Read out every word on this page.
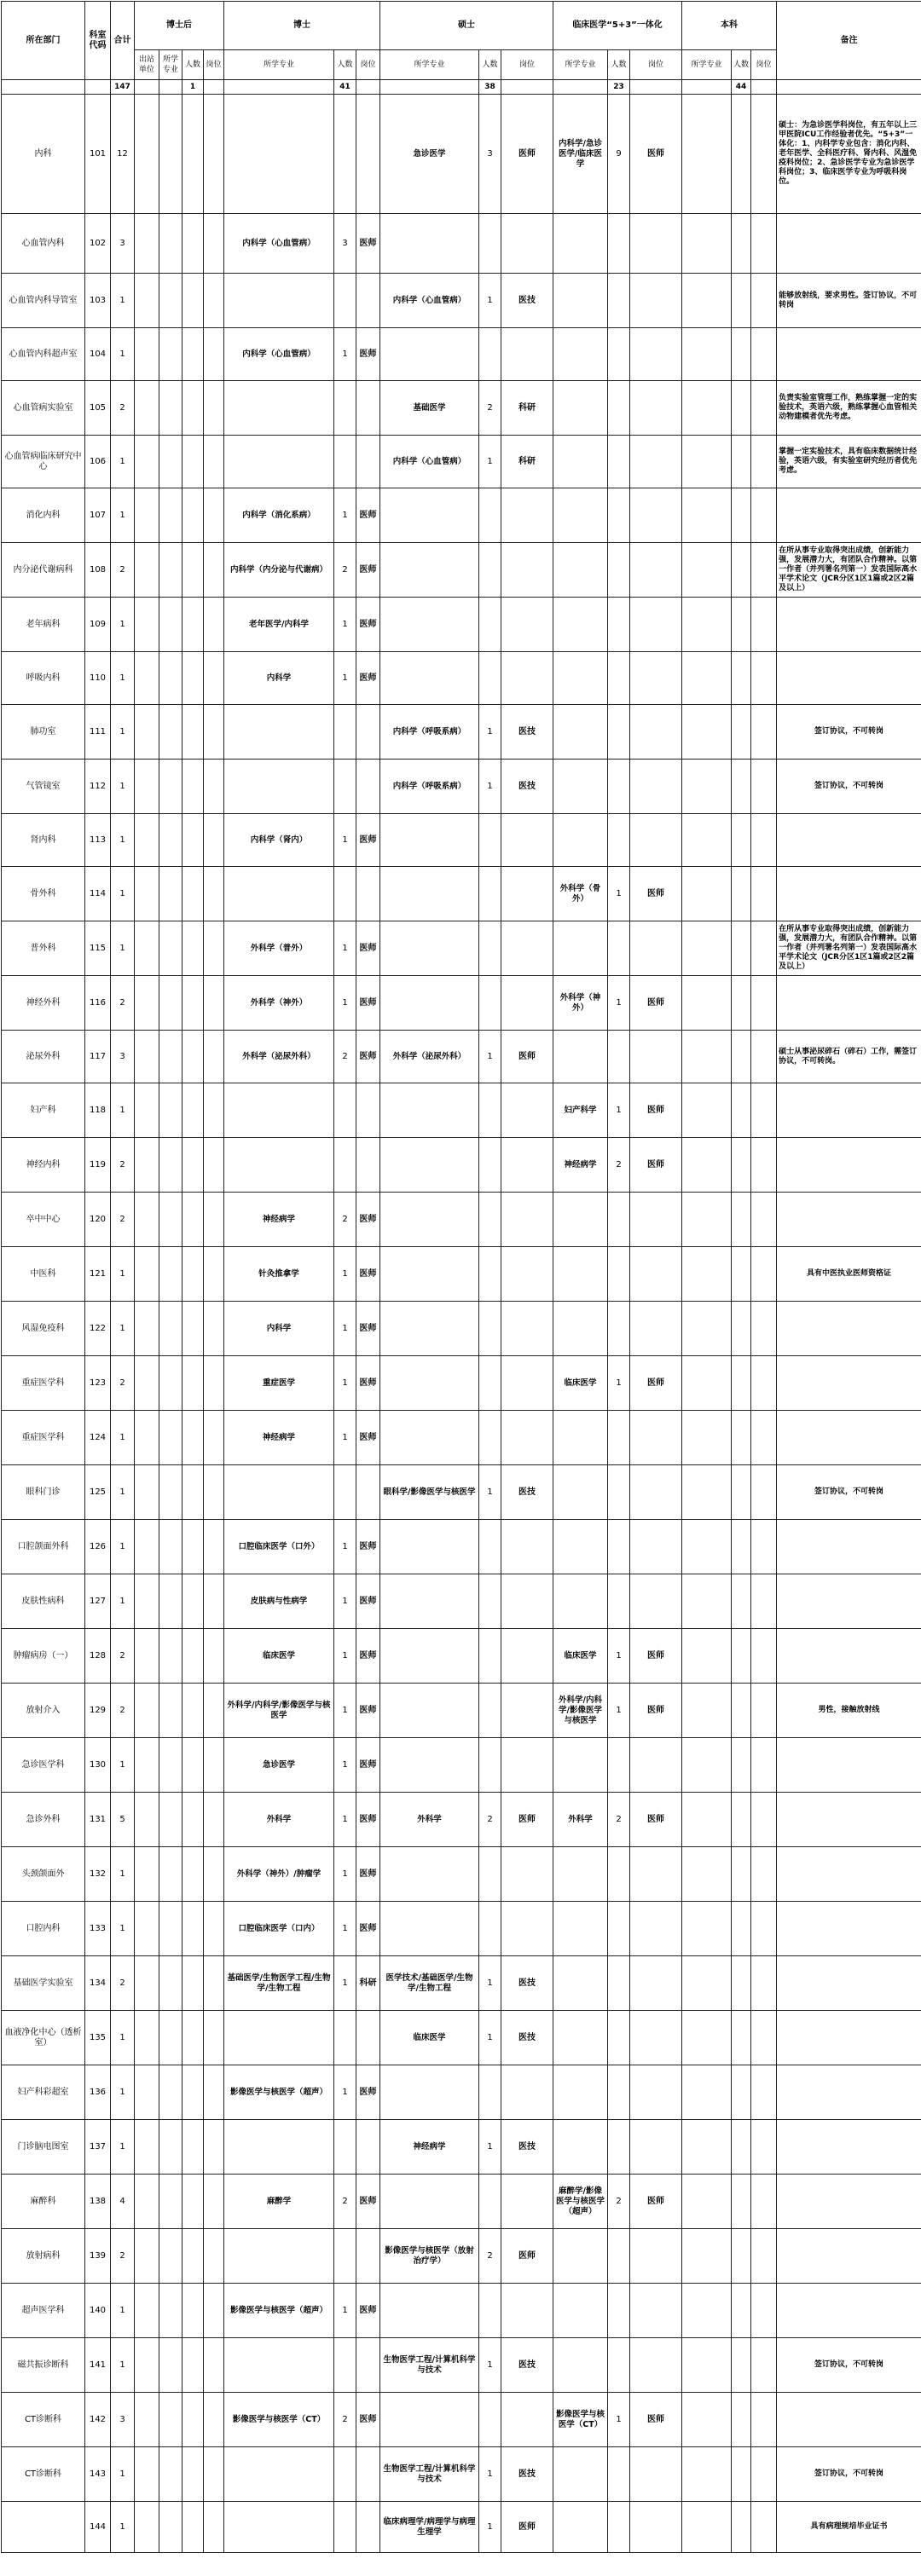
所在部门	科室代码	合计	博士后				博士			硕士			临床医学“5+3”一体化			本科			备注
			出站单位	所学专业	人数	岗位	所学专业	人数	岗位	所学专业	人数	岗位	所学专业	人数	岗位	所学专业	人数	岗位	
		147			1			41			38			23			44		
内科	101	12								急诊医学	3	医师	内科学/急诊医学/临床医学	9	医师				硕士：为急诊医学科岗位，有五年以上三甲医院ICU工作经验者优先。“5+3”一体化：1、内科学专业包含：消化内科、老年医学、全科医疗科、肾内科、风湿免疫科岗位；2、急诊医学专业为急诊医学科岗位；3、临床医学专业为呼吸科岗位。
心血管内科	102	3					内科学（心血管病）	3	医师										
心血管内科导管室	103	1								内科学（心血管病）	1	医技							能够放射线，要求男性。签订协议，不可转岗
心血管内科超声室	104	1					内科学（心血管病）	1	医师										
心血管病实验室	105	2								基础医学	2	科研							负责实验室管理工作，熟练掌握一定的实验技术，英语六级，熟练掌握心血管相关动物建模者优先考虑。
心血管病临床研究中心	106	1								内科学（心血管病）	1	科研							掌握一定实验技术，具有临床数据统计经验，英语六级，有实验室研究经历者优先考虑。
消化内科	107	1					内科学（消化系病）	1	医师										
内分泌代谢病科	108	2					内科学（内分泌与代谢病）	2	医师										在所从事专业取得突出成绩，创新能力强，发展潜力大，有团队合作精神。以第一作者（并列署名列第一）发表国际高水平学术论文（JCR分区1区1篇或2区2篇及以上）
老年病科	109	1					老年医学/内科学	1	医师										
呼吸内科	110	1					内科学	1	医师										
肺功室	111	1								内科学（呼吸系病）	1	医技							签订协议，不可转岗
气管镜室	112	1								内科学（呼吸系病）	1	医技							签订协议，不可转岗
肾内科	113	1					内科学（肾内）	1	医师										
骨外科	114	1											外科学（骨外）	1	医师				
普外科	115	1					外科学（普外）	1	医师										在所从事专业取得突出成绩，创新能力强，发展潜力大，有团队合作精神。以第一作者（并列署名列第一）发表国际高水平学术论文（JCR分区1区1篇或2区2篇及以上）
神经外科	116	2					外科学（神外）	1	医师				外科学（神外）	1	医师				
泌尿外科	117	3					外科学（泌尿外科）	2	医师	外科学（泌尿外科）	1	医师							硕士从事泌尿碎石（碎石）工作，需签订协议，不可转岗。
妇产科	118	1											妇产科学	1	医师				
神经内科	119	2											神经病学	2	医师				
卒中中心	120	2					神经病学	2	医师										
中医科	121	1					针灸推拿学	1	医师										具有中医执业医师资格证
风湿免疫科	122	1					内科学	1	医师										
重症医学科	123	2					重症医学	1	医师				临床医学	1	医师				
重症医学科	124	1					神经病学	1	医师										
眼科门诊	125	1								眼科学/影像医学与核医学	1	医技							签订协议，不可转岗
口腔颌面外科	126	1					口腔临床医学（口外）	1	医师										
皮肤性病科	127	1					皮肤病与性病学	1	医师										
肿瘤病房（一）	128	2					临床医学	1	医师				临床医学	1	医师				
放射介入	129	2					外科学/内科学/影像医学与核医学	1	医师				外科学/内科学/影像医学与核医学	1	医师				男性，接触放射线
急诊医学科	130	1					急诊医学	1	医师										
急诊外科	131	5					外科学	1	医师	外科学	2	医师	外科学	2	医师				
头颈颌面外	132	1					外科学（神外）/肿瘤学	1	医师										
口腔内科	133	1					口腔临床医学（口内）	1	医师										
基础医学实验室	134	2					基础医学/生物医学工程/生物学/生物工程	1	科研	医学技术/基础医学/生物学/生物工程	1	医技							
血液净化中心（透析室）	135	1								临床医学	1	医技							
妇产科彩超室	136	1					影像医学与核医学（超声）	1	医师										
门诊脑电图室	137	1								神经病学	1	医技							
麻醉科	138	4					麻醉学	2	医师				麻醉学/影像医学与核医学（超声）	2	医师				
放射病科	139	2								影像医学与核医学（放射治疗学）	2	医师							
超声医学科	140	1					影像医学与核医学（超声）	1	医师										
磁共振诊断科	141	1								生物医学工程/计算机科学与技术	1	医技							签订协议，不可转岗
CT诊断科	142	3					影像医学与核医学（CT）	2	医师				影像医学与核医学（CT）	1	医师				
CT诊断科	143	1								生物医学工程/计算机科学与技术	1	医技							签订协议，不可转岗
	144	1								临床病理学/病理学与病理生理学	1	医师							具有病理规培毕业证书
